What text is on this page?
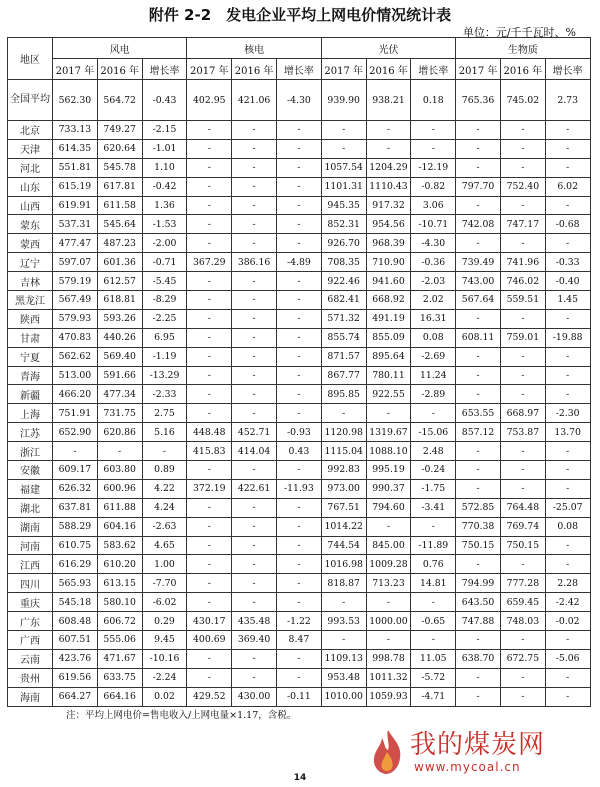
附件 2-2　发电企业平均上网电价情况统计表
单位：元/千千瓦时、%
地区	风电			核电			光伏			生物质		
	2017 年	2016 年	增长率	2017 年	2016 年	增长率	2017 年	2016 年	增长率	2017 年	2016 年	增长率
全国平均	562.30	564.72	-0.43	402.95	421.06	-4.30	939.90	938.21	0.18	765.36	745.02	2.73
北京	733.13	749.27	-2.15	-	-	-	-	-	-	-	-	-
天津	614.35	620.64	-1.01	-	-	-	-	-	-	-	-	-
河北	551.81	545.78	1.10	-	-	-	1057.54	1204.29	-12.19	-	-	-
山东	615.19	617.81	-0.42	-	-	-	1101.31	1110.43	-0.82	797.70	752.40	6.02
山西	619.91	611.58	1.36	-	-	-	945.35	917.32	3.06	-	-	-
蒙东	537.31	545.64	-1.53	-	-	-	852.31	954.56	-10.71	742.08	747.17	-0.68
蒙西	477.47	487.23	-2.00	-	-	-	926.70	968.39	-4.30	-	-	-
辽宁	597.07	601.36	-0.71	367.29	386.16	-4.89	708.35	710.90	-0.36	739.49	741.96	-0.33
吉林	579.19	612.57	-5.45	-	-	-	922.46	941.60	-2.03	743.00	746.02	-0.40
黑龙江	567.49	618.81	-8.29	-	-	-	682.41	668.92	2.02	567.64	559.51	1.45
陕西	579.93	593.26	-2.25	-	-	-	571.32	491.19	16.31	-	-	-
甘肃	470.83	440.26	6.95	-	-	-	855.74	855.09	0.08	608.11	759.01	-19.88
宁夏	562.62	569.40	-1.19	-	-	-	871.57	895.64	-2.69	-	-	-
青海	513.00	591.66	-13.29	-	-	-	867.77	780.11	11.24	-	-	-
新疆	466.20	477.34	-2.33	-	-	-	895.85	922.55	-2.89	-	-	-
上海	751.91	731.75	2.75	-	-	-	-	-	-	653.55	668.97	-2.30
江苏	652.90	620.86	5.16	448.48	452.71	-0.93	1120.98	1319.67	-15.06	857.12	753.87	13.70
浙江	-	-	-	415.83	414.04	0.43	1115.04	1088.10	2.48	-	-	-
安徽	609.17	603.80	0.89	-	-	-	992.83	995.19	-0.24	-	-	-
福建	626.32	600.96	4.22	372.19	422.61	-11.93	973.00	990.37	-1.75	-	-	-
湖北	637.81	611.88	4.24	-	-	-	767.51	794.60	-3.41	572.85	764.48	-25.07
湖南	588.29	604.16	-2.63	-	-	-	1014.22	-	-	770.38	769.74	0.08
河南	610.75	583.62	4.65	-	-	-	744.54	845.00	-11.89	750.15	750.15	-
江西	616.29	610.20	1.00	-	-	-	1016.98	1009.28	0.76	-	-	-
四川	565.93	613.15	-7.70	-	-	-	818.87	713.23	14.81	794.99	777.28	2.28
重庆	545.18	580.10	-6.02	-	-	-	-	-	-	643.50	659.45	-2.42
广东	608.48	606.72	0.29	430.17	435.48	-1.22	993.53	1000.00	-0.65	747.88	748.03	-0.02
广西	607.51	555.06	9.45	400.69	369.40	8.47	-	-	-	-	-	-
云南	423.76	471.67	-10.16	-	-	-	1109.13	998.78	11.05	638.70	672.75	-5.06
贵州	619.56	633.75	-2.24	-	-	-	953.48	1011.32	-5.72	-	-	-
海南	664.27	664.16	0.02	429.52	430.00	-0.11	1010.00	1059.93	-4.71	-	-	-
注：平均上网电价=售电收入/上网电量×1.17，含税。
我的煤炭网
www.mycoal.cn
14
